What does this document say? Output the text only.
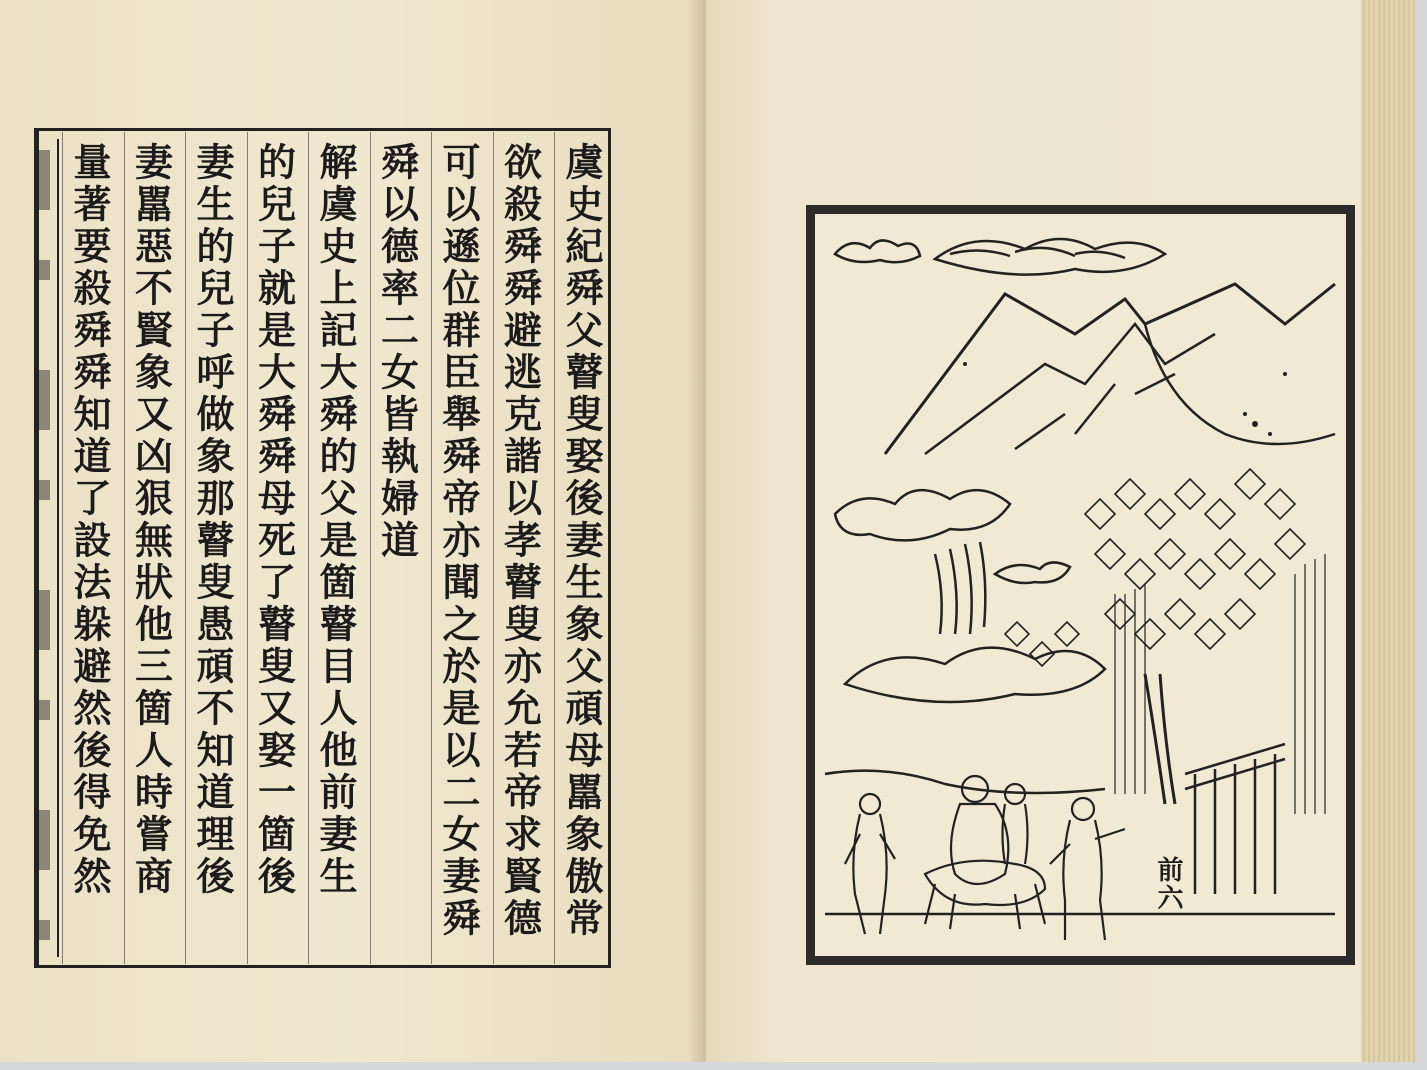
虞史紀舜父瞽叟娶後妻生象父頑母嚚象傲常
欲殺舜舜避逃克諧以孝瞽叟亦允若帝求賢德
可以遜位群臣舉舜帝亦聞之於是以二女妻舜
舜以德率二女皆執婦道
解虞史上記大舜的父是箇瞽目人他前妻生
的兒子就是大舜舜母死了瞽叟又娶一箇後
妻生的兒子呼做象那瞽叟愚頑不知道理後
妻嚚惡不賢象又凶狠無狀他三箇人時嘗商
量著要殺舜舜知道了設法躲避然後得免然	前六
